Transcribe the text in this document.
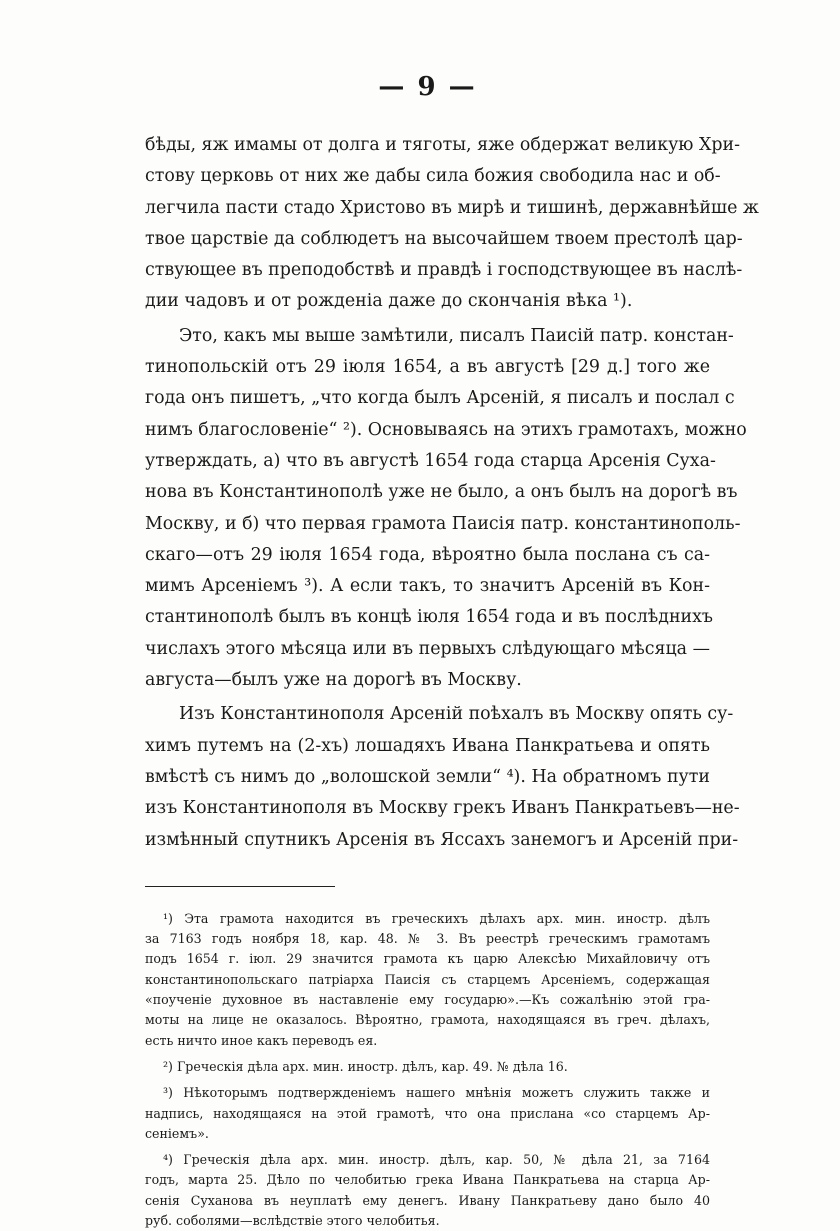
— 9 —
бѣды, яж имамы от долга и тяготы, яже обдержат великую Хри-
стову церковь от них же дабы сила божия свободила нас и об-
легчила пасти стадо Христово въ мирѣ и тишинѣ, державнѣйше ж
твое царствiе да соблюдетъ на высочайшем твоем престолѣ цар-
ствующее въ преподобствѣ и правдѣ i господствующее въ наслѣ-
дии чадовъ и от рожденiа даже до скончанiя вѣка ¹).
Это, какъ мы выше замѣтили, писалъ Паисiй патр. констан-
тинопольскiй отъ 29 iюля 1654, а въ августѣ [29 д.] того же
года онъ пишетъ, „что когда былъ Арсенiй, я писалъ и послал с
нимъ благословенiе“ ²). Основываясь на этихъ грамотахъ, можно
утверждать, а) что въ августѣ 1654 года старца Арсенiя Суха-
нова въ Константинополѣ уже не было, а онъ былъ на дорогѣ въ
Москву, и б) что первая грамота Паисiя патр. константинополь-
скаго—отъ 29 iюля 1654 года, вѣроятно была послана съ са-
мимъ Арсенiемъ ³). А если такъ, то значитъ Арсенiй въ Кон-
стантинополѣ былъ въ концѣ iюля 1654 года и въ послѣднихъ
числахъ этого мѣсяца или въ первыхъ слѣдующаго мѣсяца —
августа—былъ уже на дорогѣ въ Москву.
Изъ Константинополя Арсенiй поѣхалъ въ Москву опять су-
химъ путемъ на (2-хъ) лошадяхъ Ивана Панкратьева и опять
вмѣстѣ съ нимъ до „волошской земли“ ⁴). На обратномъ пути
изъ Константинополя въ Москву грекъ Иванъ Панкратьевъ—не-
измѣнный спутникъ Арсенiя въ Яссахъ занемогъ и Арсенiй при-
¹) Эта грамота находится въ греческихъ дѣлахъ арх. мин. иностр. дѣлъ
за 7163 годъ ноября 18, кар. 48. № 3. Въ реестрѣ греческимъ грамотамъ
подъ 1654 г. iюл. 29 значится грамота къ царю Алексѣю Михайловичу отъ
константинопольскаго патрiарха Паисiя съ старцемъ Арсенiемъ, содержащая
«поученiе духовное въ наставленiе ему государю».—Къ сожалѣнiю этой гра-
моты на лице не оказалось. Вѣроятно, грамота, находящаяся въ греч. дѣлахъ,
есть ничто иное какъ переводъ ея.
²) Греческiя дѣла арх. мин. иностр. дѣлъ, кар. 49. № дѣла 16.
³) Нѣкоторымъ подтвержденiемъ нашего мнѣнiя можетъ служить также и
надпись, находящаяся на этой грамотѣ, что она прислана «со старцемъ Ар-
сенiемъ».
⁴) Греческiя дѣла арх. мин. иностр. дѣлъ, кар. 50, № дѣла 21, за 7164
годъ, марта 25. Дѣло по челобитью грека Ивана Панкратьева на старца Ар-
сенiя Суханова въ неуплатѣ ему денегъ. Ивану Панкратьеву дано было 40
руб. соболями—вслѣдствiе этого челобитья.
